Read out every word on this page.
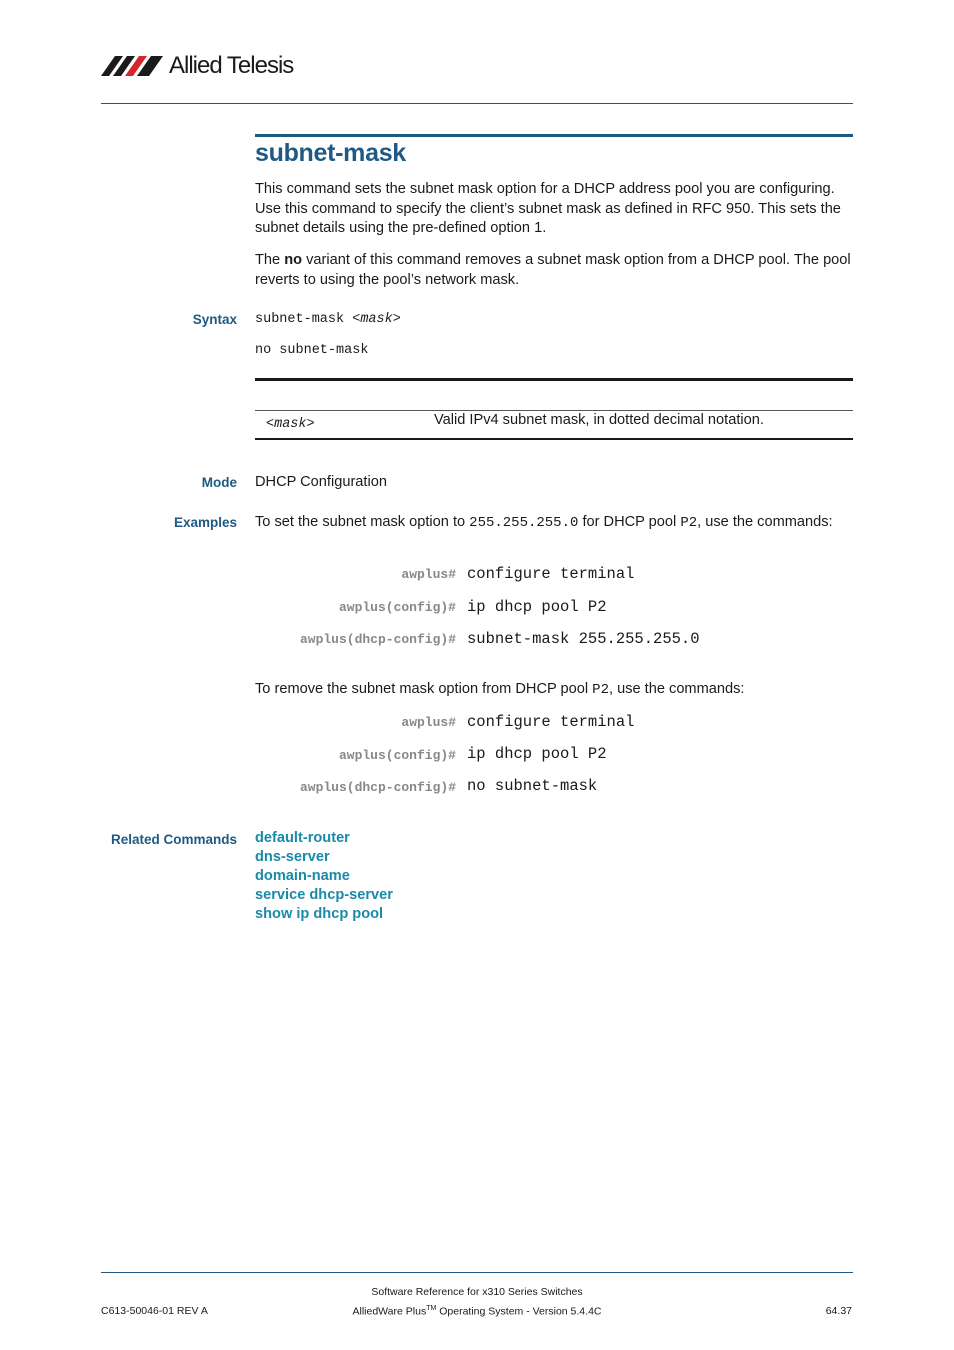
Allied Telesis
subnet-mask
This command sets the subnet mask option for a DHCP address pool you are configuring. Use this command to specify the client’s subnet mask as defined in RFC 950. This sets the subnet details using the pre-defined option 1.
The no variant of this command removes a subnet mask option from a DHCP pool. The pool reverts to using the pool’s network mask.
Syntax subnet-mask <mask>
no subnet-mask
<mask>	Valid IPv4 subnet mask, in dotted decimal notation.
Mode DHCP Configuration
Examples To set the subnet mask option to 255.255.255.0 for DHCP pool P2, use the commands:
awplus# configure terminal
awplus(config)# ip dhcp pool P2
awplus(dhcp-config)# subnet-mask 255.255.255.0
To remove the subnet mask option from DHCP pool P2, use the commands:
awplus# configure terminal
awplus(config)# ip dhcp pool P2
awplus(dhcp-config)# no subnet-mask
Related Commands default-router
dns-server
domain-name
service dhcp-server
show ip dhcp pool
Software Reference for x310 Series Switches
C613-50046-01 REV A	AlliedWare Plus™ Operating System - Version 5.4.4C	64.37
